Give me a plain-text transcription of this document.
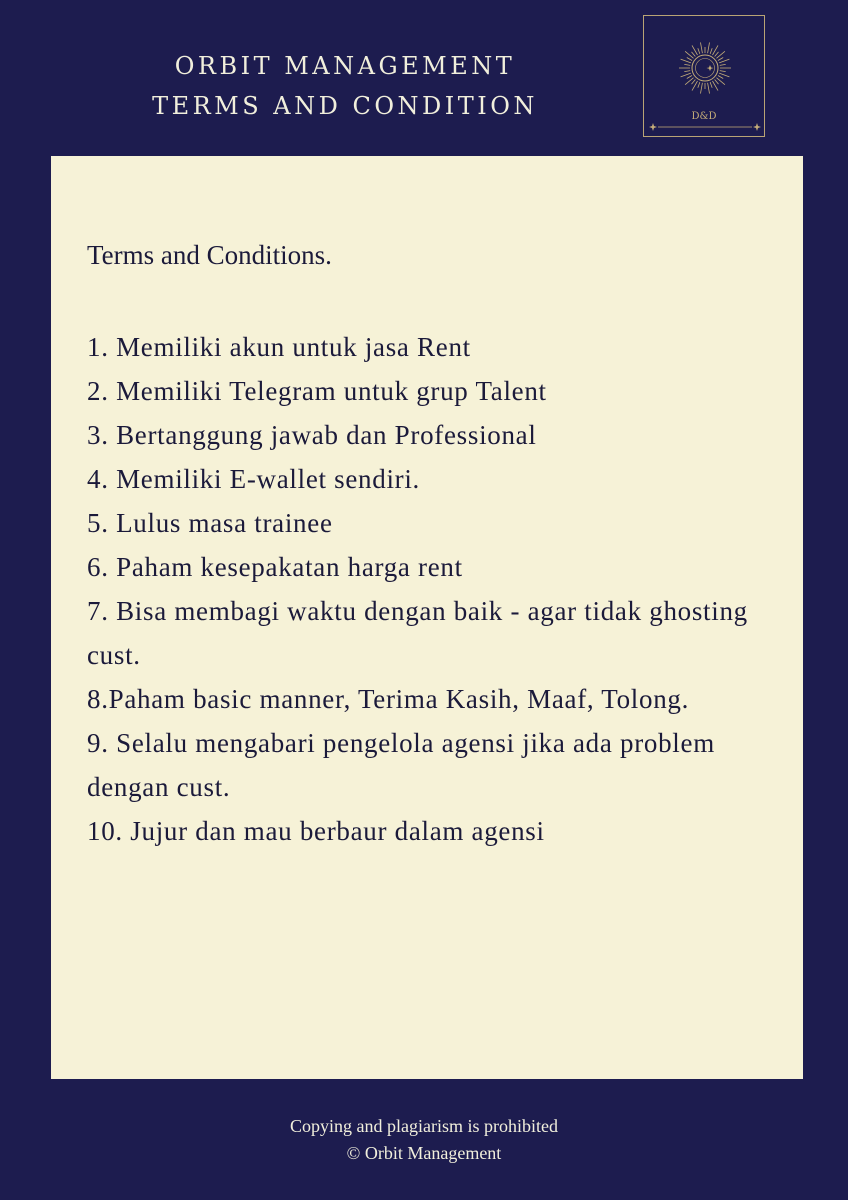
ORBIT MANAGEMENT
TERMS AND CONDITION	D&D
Terms and Conditions.
1. Memiliki akun untuk jasa Rent
2. Memiliki Telegram untuk grup Talent
3. Bertanggung jawab dan Professional
4. Memiliki E-wallet sendiri.
5. Lulus masa trainee
6. Paham kesepakatan harga rent
7. Bisa membagi waktu dengan baik - agar tidak ghosting cust.
8.Paham basic manner, Terima Kasih, Maaf, Tolong.
9. Selalu mengabari pengelola agensi jika ada problem dengan cust.
10. Jujur dan mau berbaur dalam agensi
Copying and plagiarism is prohibited
© Orbit Management
